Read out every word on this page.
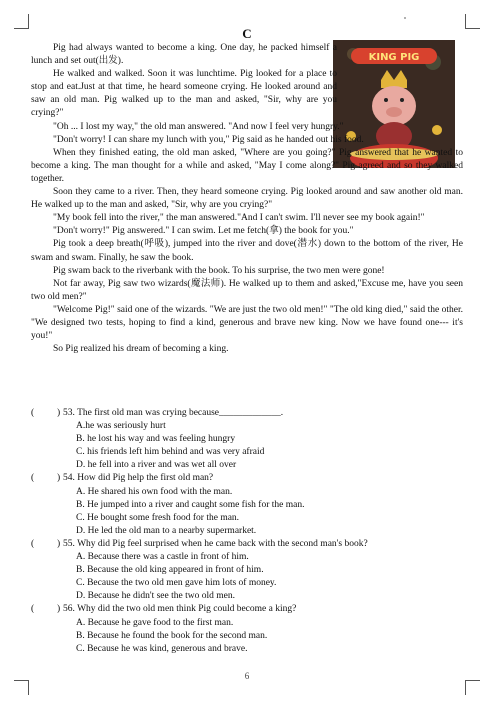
C
KING PIG

Pig had always wanted to become a king. One day, he packed himself a lunch and set out(出发).

He walked and walked. Soon it was lunchtime. Pig looked for a place to stop and eat.Just at that time, he heard someone crying. He looked around and saw an old man. Pig walked up to the man and asked, "Sir, why are you crying?"

"Oh ... I lost my way," the old man answered. "And now I feel very hungry."

"Don't worry! I can share my lunch with you," Pig said as he handed out his food.

When they finished eating, the old man asked, "Where are you going?" Pig answered that he wanted to become a king. The man thought for a while and asked, "May I come along?" Pig agreed and so they walked together.

Soon they came to a river. Then, they heard someone crying. Pig looked around and saw another old man. He walked up to the man and asked, "Sir, why are you crying?"

"My book fell into the river," the man answered."And I can't swim. I'll never see my book again!"

"Don't worry!" Pig answered." I can swim. Let me fetch(拿) the book for you."

Pig took a deep breath(呼吸), jumped into the river and dove(潜水) down to the bottom of the river, He swam and swam. Finally, he saw the book.

Pig swam back to the riverbank with the book. To his surprise, the two men were gone!

Not far away, Pig saw two wizards(魔法师). He walked up to them and asked,"Excuse me, have you seen two old men?"

"Welcome Pig!" said one of the wizards. "We are just the two old men!" "The old king died," said the other. "We designed two tests, hoping to find a kind, generous and brave new king. Now we have found one--- it's you!"

So Pig realized his dream of becoming a king.

( ) 53. The first old man was crying because_____________.

A.he was seriously hurt

B. he lost his way and was feeling hungry

C. his friends left him behind and was very afraid

D. he fell into a river and was wet all over

( ) 54. How did Pig help the first old man?

A. He shared his own food with the man.

B. He jumped into a river and caught some fish for the man.

C. He bought some fresh food for the man.

D. He led the old man to a nearby supermarket.

( ) 55. Why did Pig feel surprised when he came back with the second man's book?

A. Because there was a castle in front of him.

B. Because the old king appeared in front of him.

C. Because the two old men gave him lots of money.

D. Because he didn't see the two old men.

( ) 56. Why did the two old men think Pig could become a king?

A. Because he gave food to the first man.

B. Because he found the book for the second man.

C. Because he was kind, generous and brave.

6
